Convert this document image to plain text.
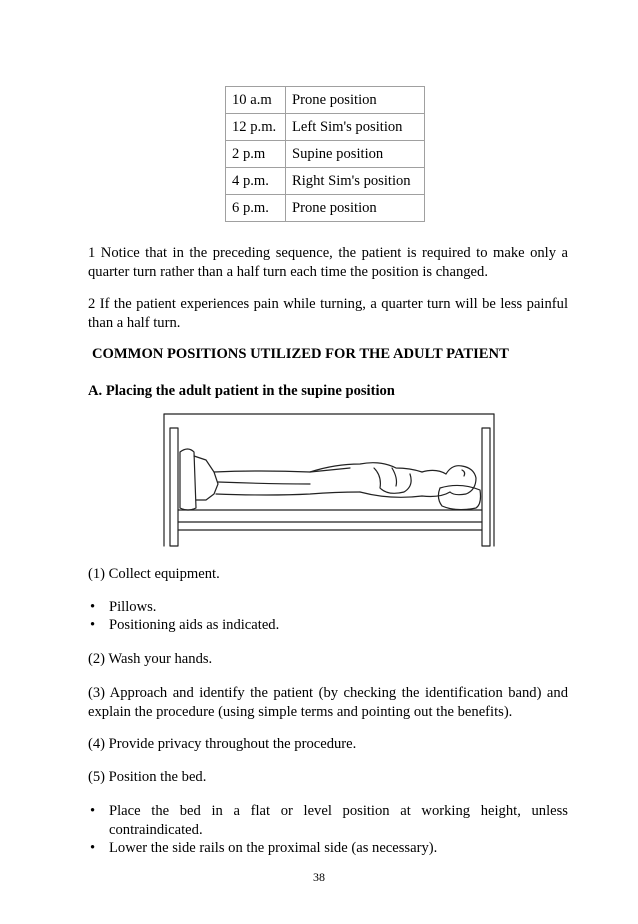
10 a.m	Prone position
12 p.m.	Left Sim's position
2 p.m	Supine position
4 p.m.	Right Sim's position
6 p.m.	Prone position
1 Notice that in the preceding sequence, the patient is required to make only a quarter turn rather than a half turn each time the position is changed.
2 If the patient experiences pain while turning, a quarter turn will be less painful than a half turn.
COMMON POSITIONS UTILIZED FOR THE ADULT PATIENT
A. Placing the adult patient in the supine position
(1) Collect equipment.
• Pillows.
• Positioning aids as indicated.
(2) Wash your hands.
(3) Approach and identify the patient (by checking the identification band) and explain the procedure (using simple terms and pointing out the benefits).
(4) Provide privacy throughout the procedure.
(5) Position the bed.
• Place the bed in a flat or level position at working height, unless contraindicated.
• Lower the side rails on the proximal side (as necessary).
38
